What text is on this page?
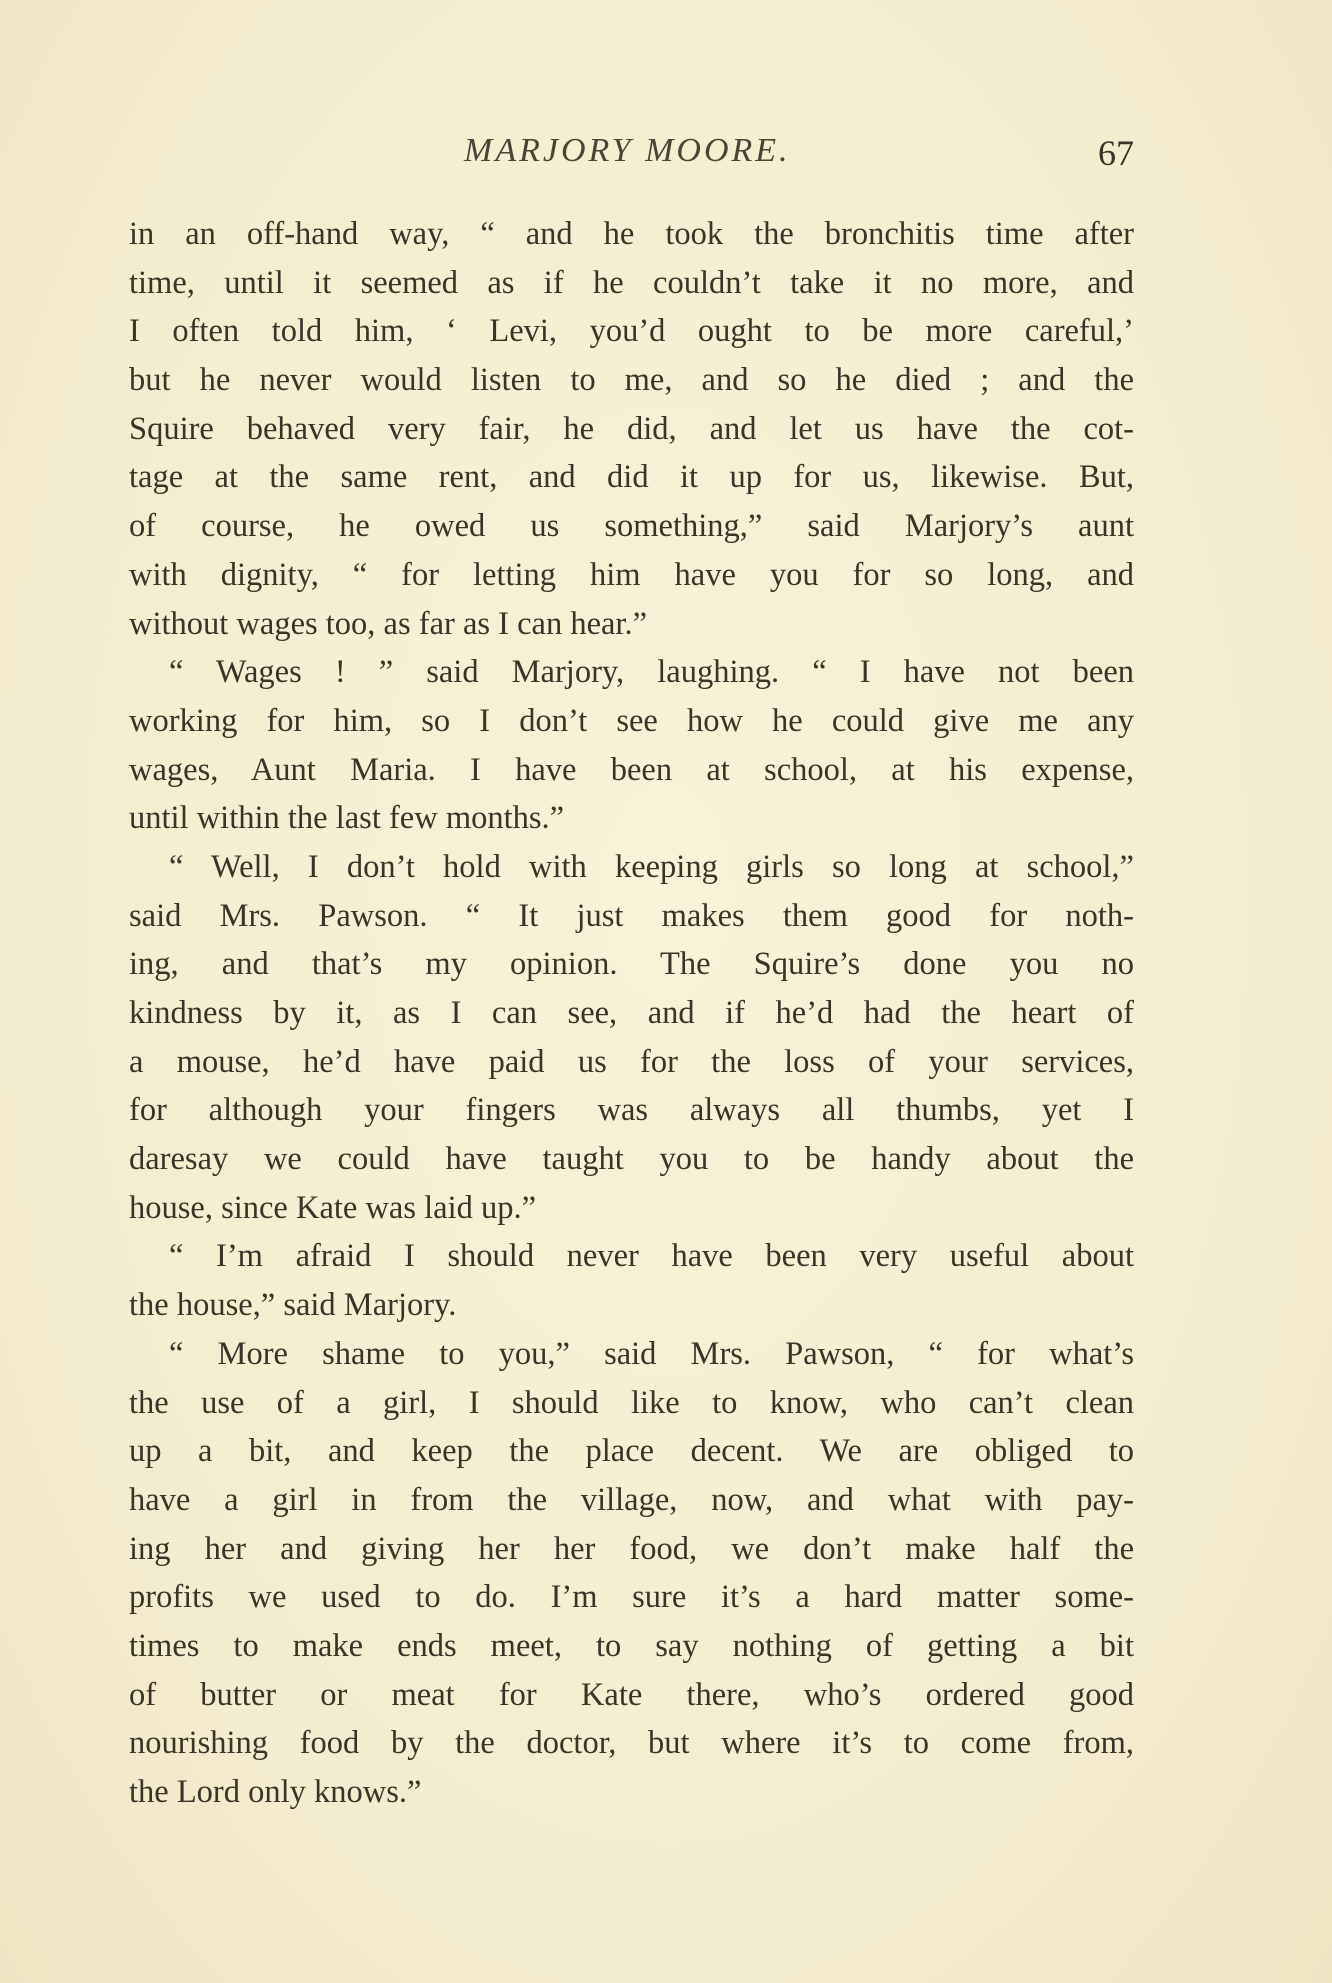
MARJORY MOORE.	67
in an off-hand way, “ and he took the bronchitis time after
time, until it seemed as if he couldn’t take it no more, and
I often told him, ‘ Levi, you’d ought to be more careful,’
but he never would listen to me, and so he died ; and the
Squire behaved very fair, he did, and let us have the cot-
tage at the same rent, and did it up for us, likewise. But,
of course, he owed us something,” said Marjory’s aunt
with dignity, “ for letting him have you for so long, and
without wages too, as far as I can hear.”
“ Wages ! ” said Marjory, laughing. “ I have not been
working for him, so I don’t see how he could give me any
wages, Aunt Maria. I have been at school, at his expense,
until within the last few months.”
“ Well, I don’t hold with keeping girls so long at school,”
said Mrs. Pawson. “ It just makes them good for noth-
ing, and that’s my opinion. The Squire’s done you no
kindness by it, as I can see, and if he’d had the heart of
a mouse, he’d have paid us for the loss of your services,
for although your fingers was always all thumbs, yet I
daresay we could have taught you to be handy about the
house, since Kate was laid up.”
“ I’m afraid I should never have been very useful about
the house,” said Marjory.
“ More shame to you,” said Mrs. Pawson, “ for what’s
the use of a girl, I should like to know, who can’t clean
up a bit, and keep the place decent. We are obliged to
have a girl in from the village, now, and what with pay-
ing her and giving her her food, we don’t make half the
profits we used to do. I’m sure it’s a hard matter some-
times to make ends meet, to say nothing of getting a bit
of butter or meat for Kate there, who’s ordered good
nourishing food by the doctor, but where it’s to come from,
the Lord only knows.”
